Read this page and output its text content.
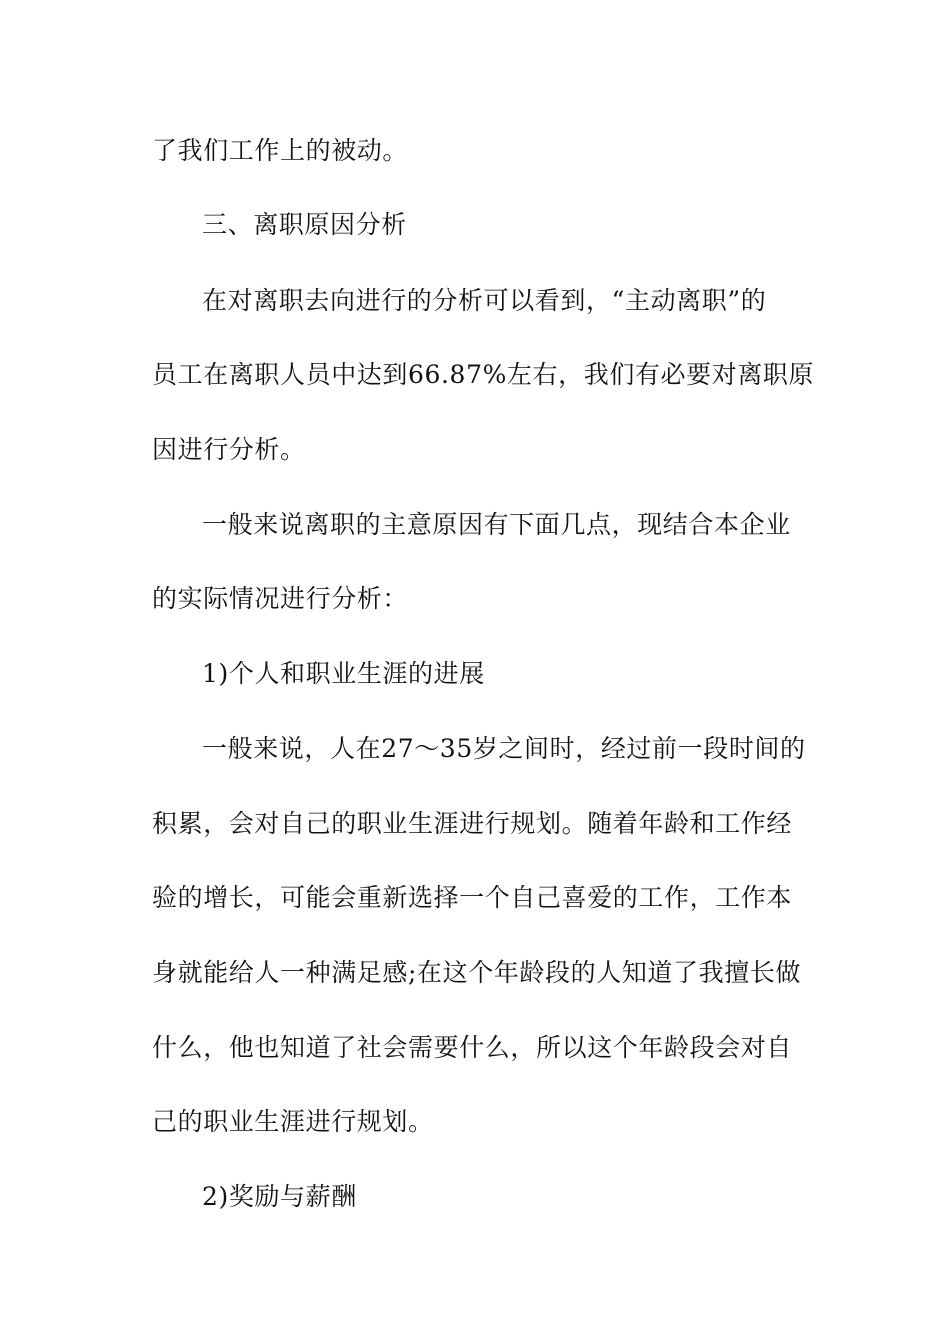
了我们工作上的被动。
三、离职原因分析
在对离职去向进行的分析可以看到，“主动离职”的
员工在离职人员中达到66.87%左右，我们有必要对离职原
因进行分析。
一般来说离职的主意原因有下面几点，现结合本企业
的实际情况进行分析：
1)个人和职业生涯的进展
一般来说，人在27～35岁之间时，经过前一段时间的
积累，会对自己的职业生涯进行规划。随着年龄和工作经
验的增长，可能会重新选择一个自己喜爱的工作，工作本
身就能给人一种满足感;在这个年龄段的人知道了我擅长做
什么，他也知道了社会需要什么，所以这个年龄段会对自
己的职业生涯进行规划。
2)奖励与薪酬
